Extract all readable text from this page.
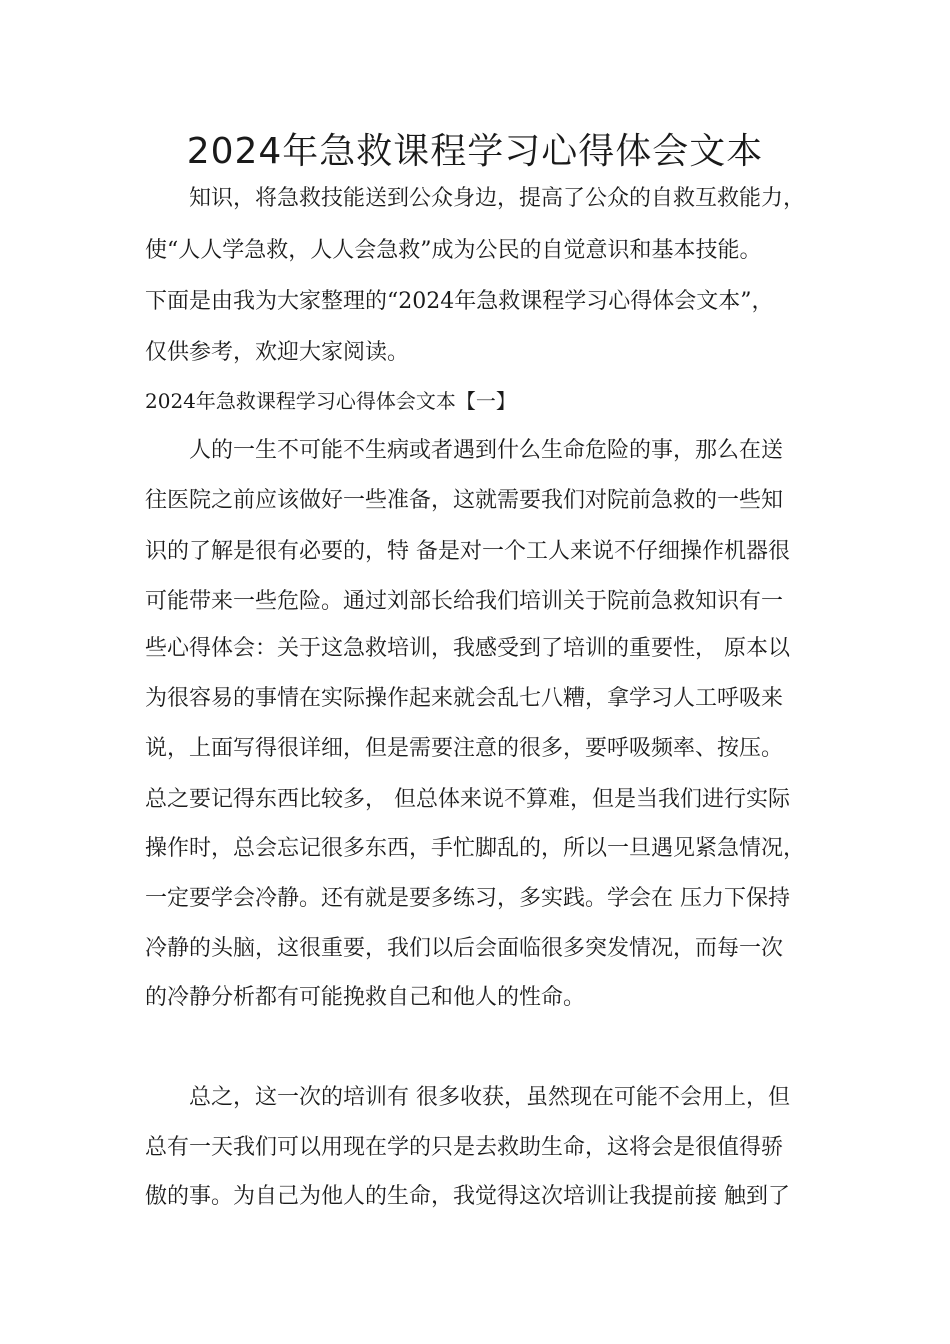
2024年急救课程学习心得体会文本

　　知识，将急救技能送到公众身边，提高了公众的自救互救能力，

使“人人学急救，人人会急救”成为公民的自觉意识和基本技能。

下面是由我为大家整理的“2024年急救课程学习心得体会文本”，

仅供参考，欢迎大家阅读。

2024年急救课程学习心得体会文本【一】

　　人的一生不可能不生病或者遇到什么生命危险的事，那么在送

往医院之前应该做好一些准备，这就需要我们对院前急救的一些知

识的了解是很有必要的，特 备是对一个工人来说不仔细操作机器很

可能带来一些危险。通过刘部长给我们培训关于院前急救知识有一

些心得体会：关于这急救培训，我感受到了培训的重要性， 原本以

为很容易的事情在实际操作起来就会乱七八糟，拿学习人工呼吸来

说，上面写得很详细，但是需要注意的很多，要呼吸频率、按压。

总之要记得东西比较多， 但总体来说不算难，但是当我们进行实际

操作时，总会忘记很多东西，手忙脚乱的，所以一旦遇见紧急情况，

一定要学会冷静。还有就是要多练习，多实践。学会在 压力下保持

冷静的头脑，这很重要，我们以后会面临很多突发情况，而每一次

的冷静分析都有可能挽救自己和他人的性命。

　　总之，这一次的培训有 很多收获，虽然现在可能不会用上，但

总有一天我们可以用现在学的只是去救助生命，这将会是很值得骄

傲的事。为自己为他人的生命，我觉得这次培训让我提前接 触到了
